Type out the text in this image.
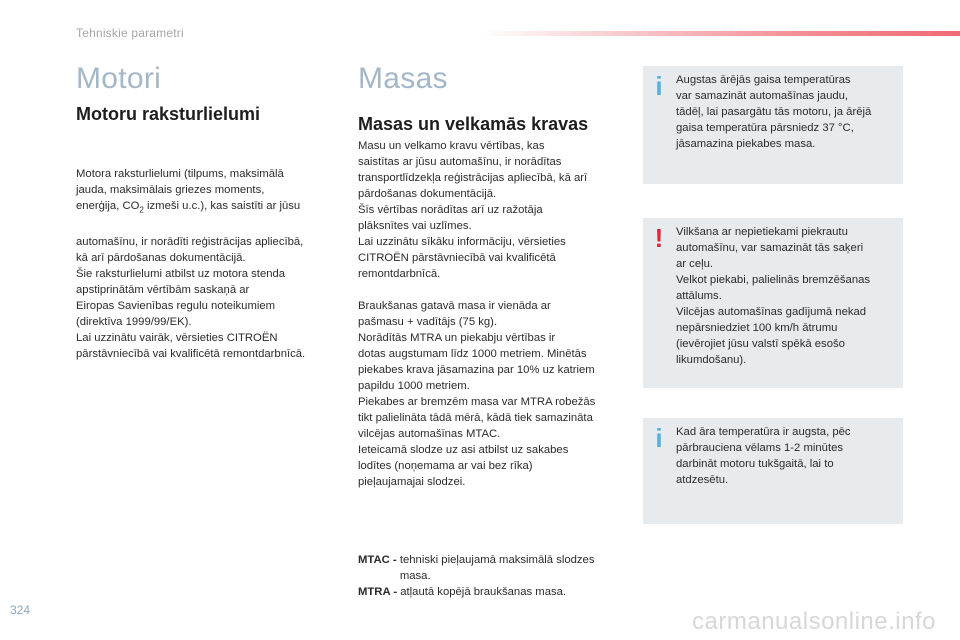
Tehniskie parametri
Motori
Motoru raksturlielumi

Motora raksturlielumi (tilpums, maksimālā
jauda, maksimālais griezes moments,

enerģija, $CO_2$ izmeši u.c.), kas saistīti ar jūsu

automašīnu, ir norādīti reģistrācijas apliecībā,
kā arī pārdošanas dokumentācijā.
Šie raksturlielumi atbilst uz motora stenda
apstiprinātām vērtībām saskaņā ar
Eiropas Savienības regulu noteikumiem
(direktīva 1999/99/EK).
Lai uzzinātu vairāk, vērsieties CITROËN
pārstāvniecībā vai kvalificētā remontdarbnīcā.

Masas
Masas un velkamās kravas
Masu un velkamo kravu vērtības, kas
saistītas ar jūsu automašīnu, ir norādītas
transportlīdzekļa reģistrācijas apliecībā, kā arī
pārdošanas dokumentācijā.
Šīs vērtības norādītas arī uz ražotāja
plāksnītes vai uzlīmes.
Lai uzzinātu sīkāku informāciju, vērsieties
CITROËN pārstāvniecībā vai kvalificētā
remontdarbnīcā.
Braukšanas gatavā masa ir vienāda ar
pašmasu + vadītājs (75 kg).
Norādītās MTRA un piekabju vērtības ir
dotas augstumam līdz 1000 metriem. Minētās
piekabes krava jāsamazina par 10% uz katriem
papildu 1000 metriem.
Piekabes ar bremzēm masa var MTRA robežās
tikt palielināta tādā mērā, kādā tiek samazināta
vilcējas automašīnas MTAC.
Ieteicamā slodze uz asi atbilst uz sakabes
lodītes (noņemama ar vai bez rīka)
pieļaujamajai slodzei.
MTAC - tehniski pieļaujamā maksimālā slodzes
masa.
MTRA - atļautā kopējā braukšanas masa.
i	Augstas ārējās gaisa temperatūras
var samazināt automašīnas jaudu,
tādēļ, lai pasargātu tās motoru, ja ārējā
gaisa temperatūra pārsniedz 37 °C,
jāsamazina piekabes masa.
! Vilkšana ar nepietiekami piekrautu
automašīnu, var samazināt tās saķeri
ar ceļu.
Velkot piekabi, palielinās bremzēšanas
attālums.
Vilcējas automašīnas gadījumā nekad
nepārsniedziet 100 km/h ātrumu
(ievērojiet jūsu valstī spēkā esošo
likumdošanu).
i	Kad āra temperatūra ir augsta, pēc
pārbrauciena vēlams 1-2 minūtes
darbināt motoru tukšgaitā, lai to
atdzesētu.
324	carmanualsonline.info
